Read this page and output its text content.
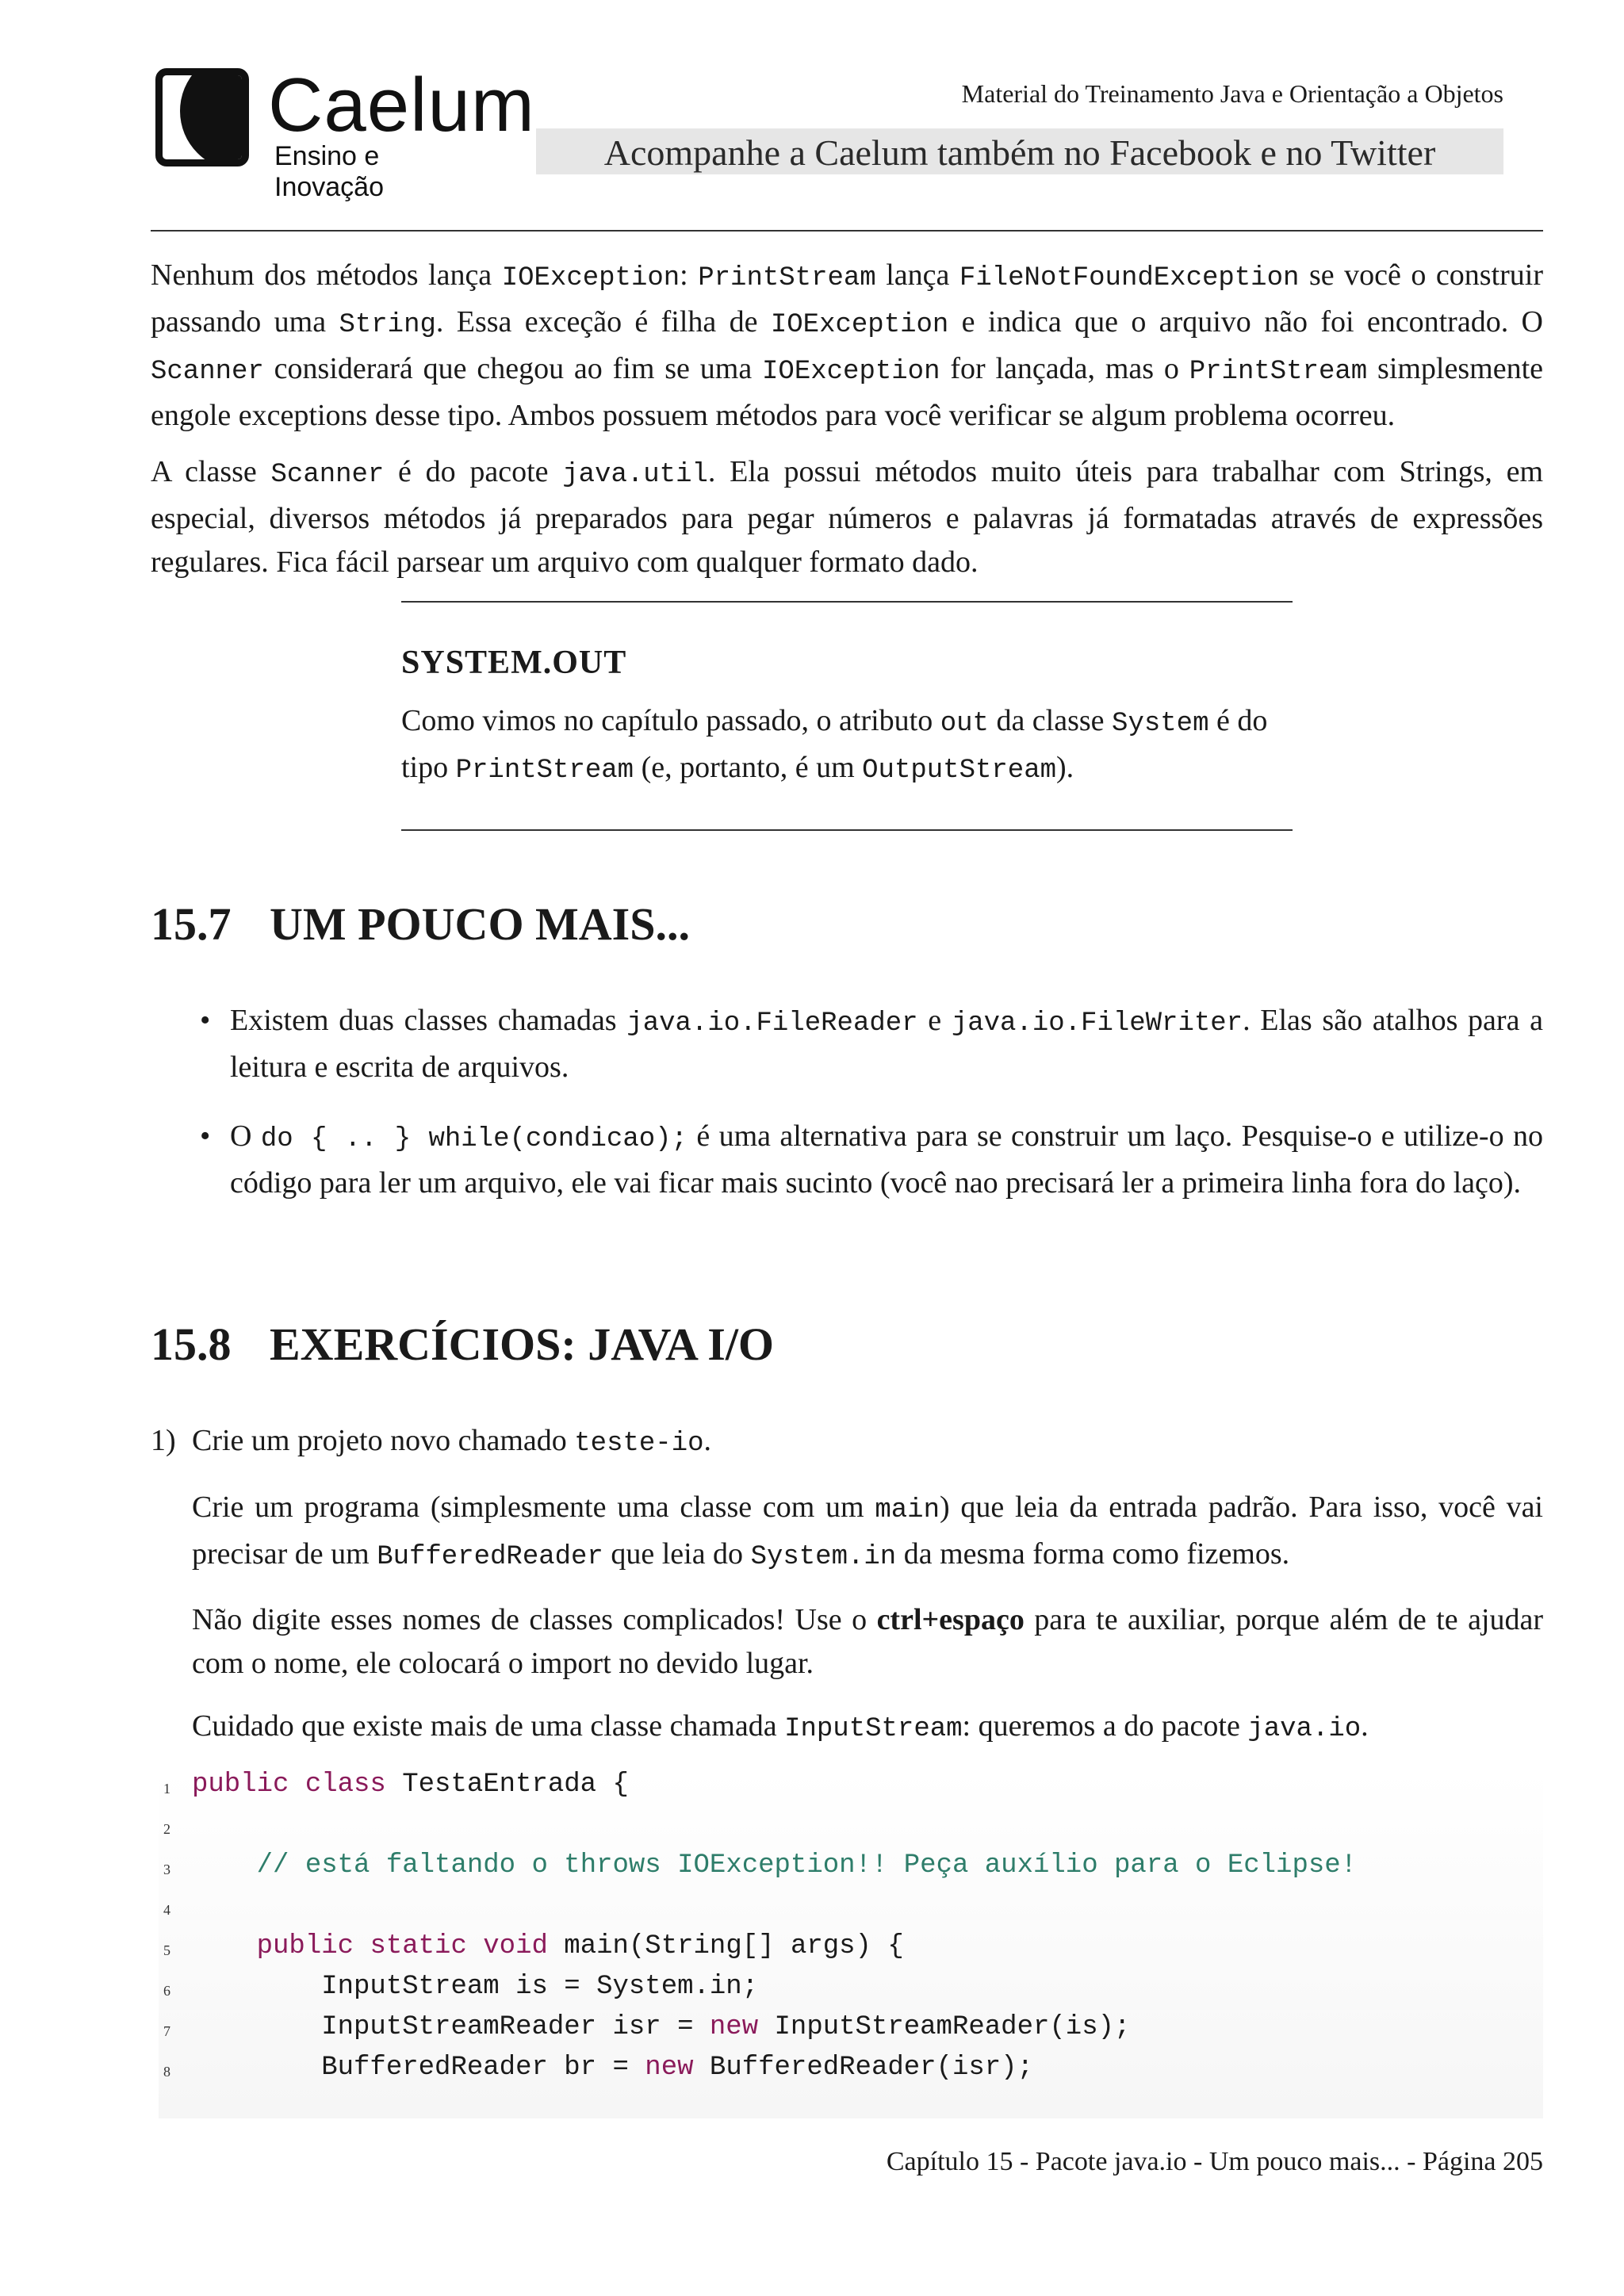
✱ Caelum
Ensino e Inovação
Material do Treinamento Java e Orientação a Objetos
Acompanhe a Caelum também no Facebook e no Twitter

Nenhum dos métodos lança IOException: PrintStream lança FileNotFoundException se você o construir passando uma String. Essa exceção é filha de IOException e indica que o arquivo não foi encontrado. O Scanner considerará que chegou ao fim se uma IOException for lançada, mas o PrintStream simplesmente engole exceptions desse tipo. Ambos possuem métodos para você verificar se algum problema ocorreu.

A classe Scanner é do pacote java.util. Ela possui métodos muito úteis para trabalhar com Strings, em especial, diversos métodos já preparados para pegar números e palavras já formatadas através de expressões regulares. Fica fácil parsear um arquivo com qualquer formato dado.

SYSTEM.OUT
Como vimos no capítulo passado, o atributo out da classe System é do tipo PrintStream (e, portanto, é um OutputStream).
15.7 UM POUCO MAIS...
• Existem duas classes chamadas java.io.FileReader e java.io.FileWriter. Elas são atalhos para a leitura e escrita de arquivos.
• O do { .. } while(condicao); é uma alternativa para se construir um laço. Pesquise-o e utilize-o no código para ler um arquivo, ele vai ficar mais sucinto (você nao precisará ler a primeira linha fora do laço).
15.8 EXERCÍCIOS: JAVA I/O
1) Crie um projeto novo chamado teste-io.
Crie um programa (simplesmente uma classe com um main) que leia da entrada padrão. Para isso, você vai precisar de um BufferedReader que leia do System.in da mesma forma como fizemos.
Não digite esses nomes de classes complicados! Use o ctrl+espaço para te auxiliar, porque além de te ajudar com o nome, ele colocará o import no devido lugar.
Cuidado que existe mais de uma classe chamada InputStream: queremos a do pacote java.io.
1 public class TestaEntrada {
2
3	// está faltando o throws IOException!! Peça auxílio para o Eclipse!
4
5	public static void main(String[] args) {
6 InputStream is = System.in;
7 InputStreamReader isr = new InputStreamReader(is);
8 BufferedReader br = new BufferedReader(isr);
Capítulo 15 - Pacote java.io - Um pouco mais... - Página 205
